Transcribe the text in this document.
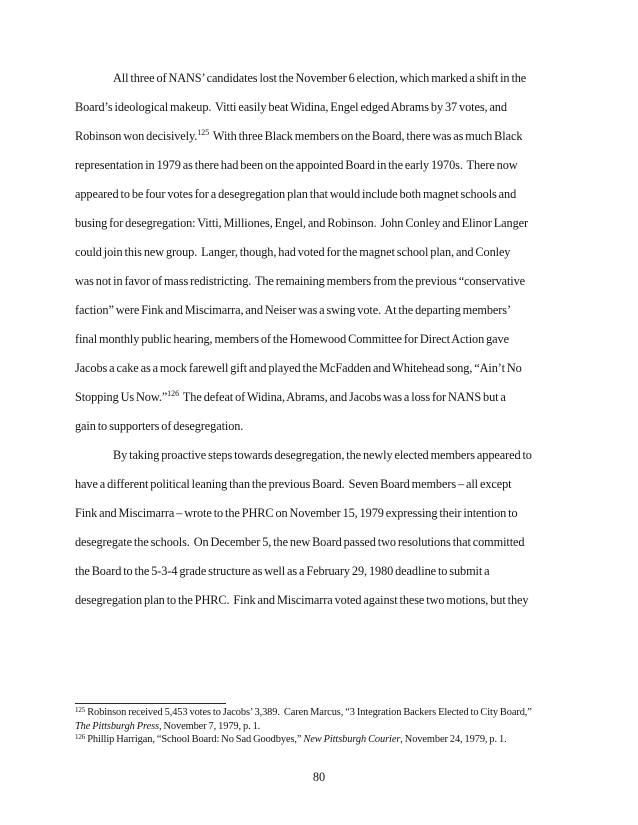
All three of NANS’ candidates lost the November 6 election, which marked a shift in the
Board’s ideological makeup.  Vitti easily beat Widina, Engel edged Abrams by 37 votes, and
Robinson won decisively.$^{125}$  With three Black members on the Board, there was as much Black
representation in 1979 as there had been on the appointed Board in the early 1970s.  There now
appeared to be four votes for a desegregation plan that would include both magnet schools and
busing for desegregation: Vitti, Milliones, Engel, and Robinson.  John Conley and Elinor Langer
could join this new group.  Langer, though, had voted for the magnet school plan, and Conley
was not in favor of mass redistricting.  The remaining members from the previous “conservative
faction” were Fink and Miscimarra, and Neiser was a swing vote.  At the departing members’
final monthly public hearing, members of the Homewood Committee for Direct Action gave
Jacobs a cake as a mock farewell gift and played the McFadden and Whitehead song, “Ain’t No
Stopping Us Now.”$^{126}$  The defeat of Widina, Abrams, and Jacobs was a loss for NANS but a
gain to supporters of desegregation.
By taking proactive steps towards desegregation, the newly elected members appeared to
have a different political leaning than the previous Board.  Seven Board members – all except
Fink and Miscimarra – wrote to the PHRC on November 15, 1979 expressing their intention to
desegregate the schools.  On December 5, the new Board passed two resolutions that committed
the Board to the 5-3-4 grade structure as well as a February 29, 1980 deadline to submit a
desegregation plan to the PHRC.  Fink and Miscimarra voted against these two motions, but they
$^{125}$ Robinson received 5,453 votes to Jacobs’ 3,389.  Caren Marcus, “3 Integration Backers Elected to City Board,”
The Pittsburgh Press, November 7, 1979, p. 1.
$^{126}$ Phillip Harrigan, “School Board: No Sad Goodbyes,” New Pittsburgh Courier, November 24, 1979, p. 1.
80
